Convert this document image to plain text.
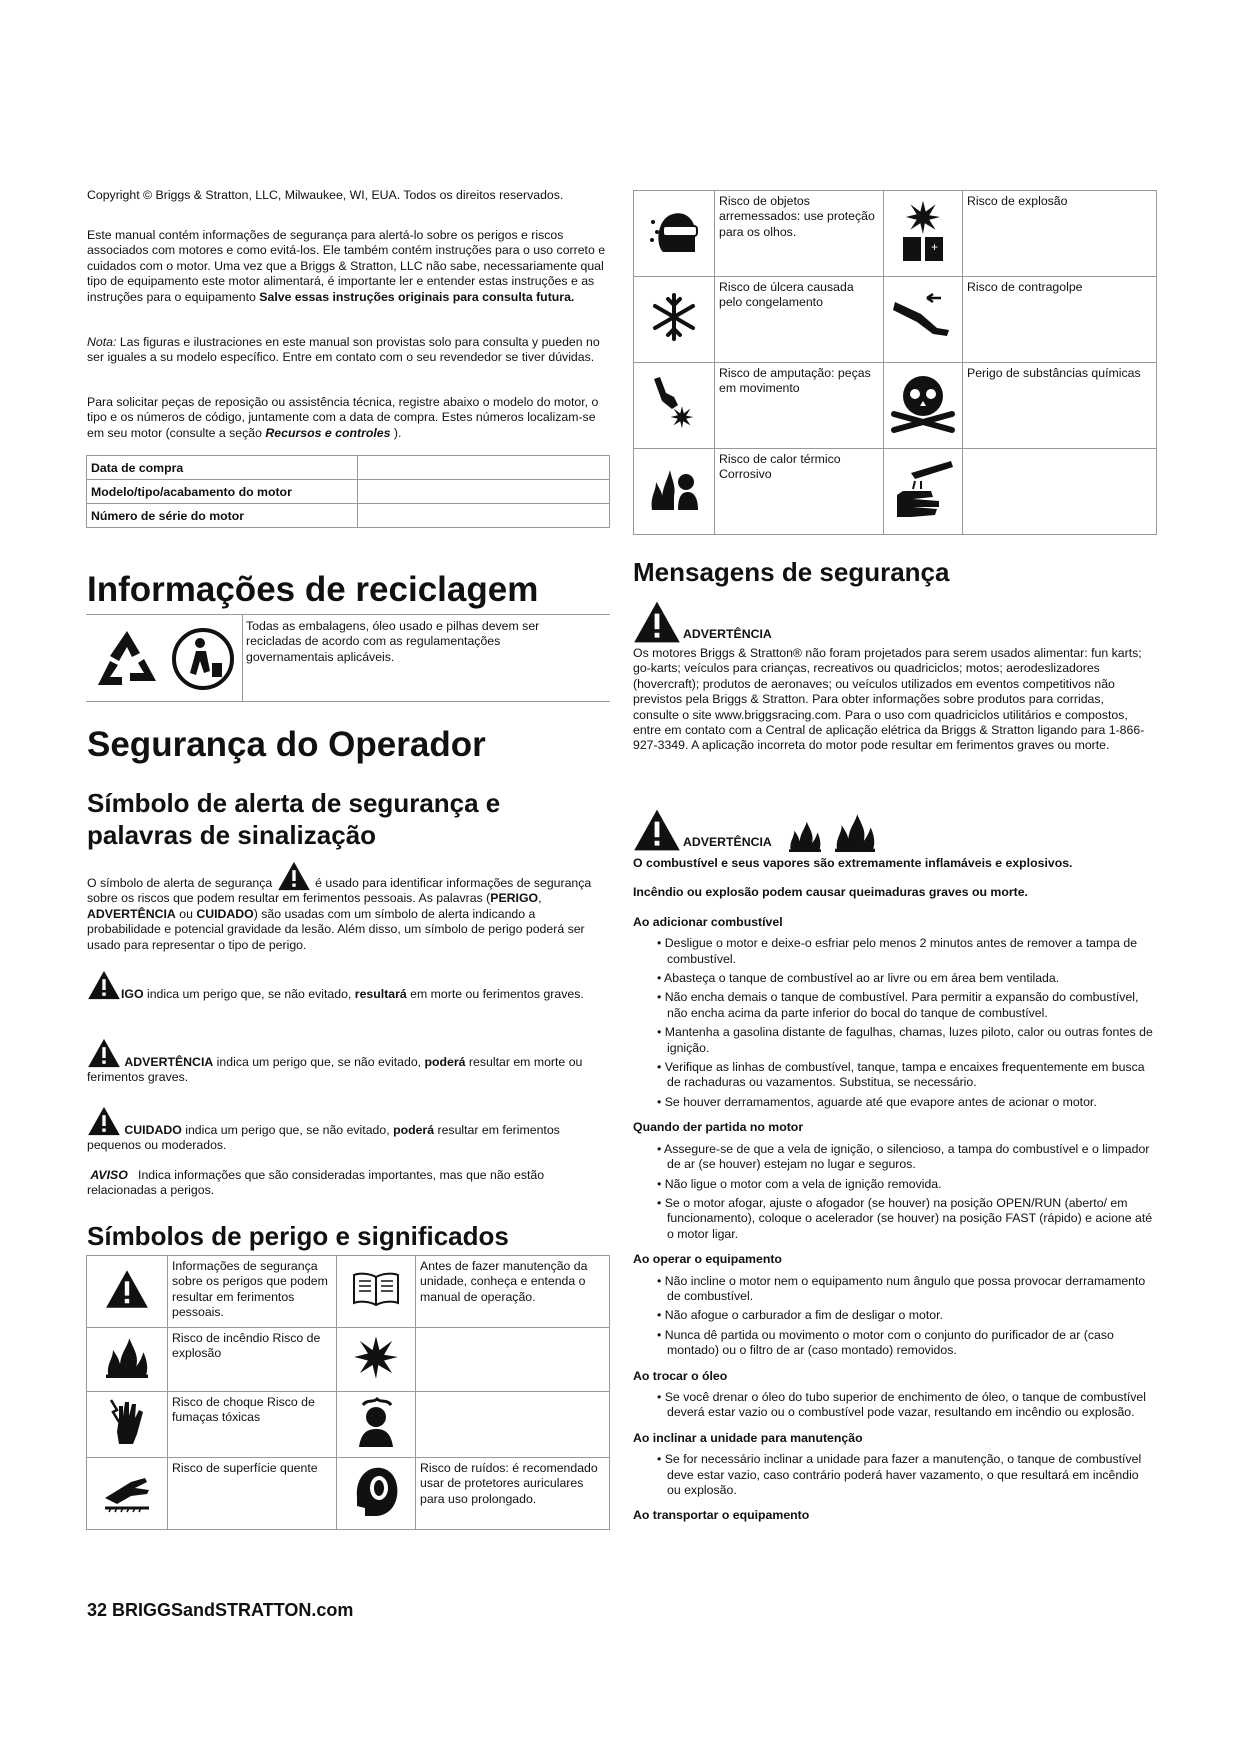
Copyright © Briggs & Stratton, LLC, Milwaukee, WI, EUA. Todos os direitos reservados.

Este manual contém informações de segurança para alertá-lo sobre os perigos e riscos associados com motores e como evitá-los. Ele também contém instruções para o uso correto e cuidados com o motor. Uma vez que a Briggs & Stratton, LLC não sabe, necessariamente qual tipo de equipamento este motor alimentará, é importante ler e entender estas instruções e as instruções para o equipamento Salve essas instruções originais para consulta futura.

Nota: Las figuras e ilustraciones en este manual son provistas solo para consulta y pueden no ser iguales a su modelo específico. Entre em contato com o seu revendedor se tiver dúvidas.

Para solicitar peças de reposição ou assistência técnica, registre abaixo o modelo do motor, o tipo e os números de código, juntamente com a data de compra. Estes números localizam-se em seu motor (consulte a seção Recursos e controles ).

Data de compra	
Modelo/tipo/acabamento do motor	
Número de série do motor	
Informações de reciclagem
Todas as embalagens, óleo usado e pilhas devem ser recicladas de acordo com as regulamentações governamentais aplicáveis.
Segurança do Operador
Símbolo de alerta de segurança e palavras de sinalização

O símbolo de alerta de segurança	é usado para identificar informações de segurança sobre os riscos que podem resultar em ferimentos pessoais. As palavras (PERIGO, ADVERTÊNCIA ou CUIDADO) são usadas com um símbolo de alerta indicando a probabilidade e potencial gravidade da lesão. Além disso, um símbolo de perigo poderá ser usado para representar o tipo de perigo.

IGO indica um perigo que, se não evitado, resultará em morte ou ferimentos graves.

ADVERTÊNCIA indica um perigo que, se não evitado, poderá resultar em morte ou ferimentos graves.

CUIDADO indica um perigo que, se não evitado, poderá resultar em ferimentos pequenos ou moderados.

AVISO Indica informações que são consideradas importantes, mas que não estão relacionadas a perigos.

Símbolos de perigo e significados
	Informações de segurança sobre os perigos que podem resultar em ferimentos pessoais.		Antes de fazer manutenção da unidade, conheça e entenda o manual de operação.
	Risco de incêndio Risco de explosão		
	Risco de choque Risco de fumaças tóxicas		
	Risco de superfície quente		Risco de ruídos: é recomendado usar de protetores auriculares para uso prolongado.
32 BRIGGSandSTRATTON.com
	Risco de objetos arremessados: use proteção para os olhos.	+	Risco de explosão
	Risco de úlcera causada pelo congelamento		Risco de contragolpe
	Risco de amputação: peças em movimento		Perigo de substâncias químicas
	Risco de calor térmico Corrosivo		
Mensagens de segurança
ADVERTÊNCIA

Os motores Briggs & Stratton® não foram projetados para serem usados alimentar: fun karts; go-karts; veículos para crianças, recreativos ou quadriciclos; motos; aerodeslizadores (hovercraft); produtos de aeronaves; ou veículos utilizados em eventos competitivos não previstos pela Briggs & Stratton. Para obter informações sobre produtos para corridas, consulte o site www.briggsracing.com. Para o uso com quadriciclos utilitários e compostos, entre em contato com a Central de aplicação elétrica da Briggs & Stratton ligando para 1-866-927-3349. A aplicação incorreta do motor pode resultar em ferimentos graves ou morte.

ADVERTÊNCIA

O combustível e seus vapores são extremamente inflamáveis e explosivos.

Incêndio ou explosão podem causar queimaduras graves ou morte.

Ao adicionar combustível

• Desligue o motor e deixe-o esfriar pelo menos 2 minutos antes de remover a tampa de combustível.
• Abasteça o tanque de combustível ao ar livre ou em área bem ventilada.
• Não encha demais o tanque de combustível. Para permitir a expansão do combustível, não encha acima da parte inferior do bocal do tanque de combustível.
• Mantenha a gasolina distante de fagulhas, chamas, luzes piloto, calor ou outras fontes de ignição.
• Verifique as linhas de combustível, tanque, tampa e encaixes frequentemente em busca de rachaduras ou vazamentos. Substitua, se necessário.
• Se houver derramamentos, aguarde até que evapore antes de acionar o motor.

Quando der partida no motor

• Assegure-se de que a vela de ignição, o silencioso, a tampa do combustível e o limpador de ar (se houver) estejam no lugar e seguros.
• Não ligue o motor com a vela de ignição removida.
• Se o motor afogar, ajuste o afogador (se houver) na posição OPEN/RUN (aberto/ em funcionamento), coloque o acelerador (se houver) na posição FAST (rápido) e acione até o motor ligar.

Ao operar o equipamento

• Não incline o motor nem o equipamento num ângulo que possa provocar derramamento de combustível.
• Não afogue o carburador a fim de desligar o motor.
• Nunca dê partida ou movimento o motor com o conjunto do purificador de ar (caso montado) ou o filtro de ar (caso montado) removidos.

Ao trocar o óleo

• Se você drenar o óleo do tubo superior de enchimento de óleo, o tanque de combustível deverá estar vazio ou o combustível pode vazar, resultando em incêndio ou explosão.

Ao inclinar a unidade para manutenção

• Se for necessário inclinar a unidade para fazer a manutenção, o tanque de combustível deve estar vazio, caso contrário poderá haver vazamento, o que resultará em incêndio ou explosão.

Ao transportar o equipamento
